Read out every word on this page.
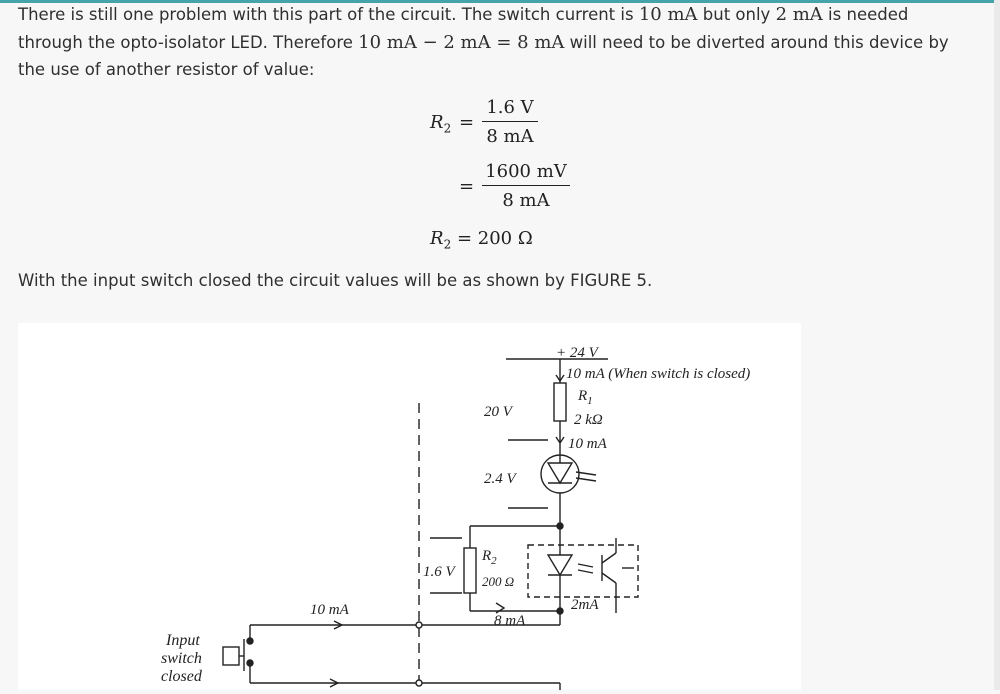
There is still one problem with this part of the circuit. The switch current is 10 mA but only 2 mA is needed through the opto-isolator LED. Therefore 10 mA − 2 mA = 8 mA will need to be diverted around this device by the use of another resistor of value:
$R_2$ =
1.6 V
8 mA
=
1600 mV
8 mA
$R_2 = 200$ Ω
With the input switch closed the circuit values will be as shown by FIGURE 5.
+ 24 V
10 mA (When switch is closed)
$R_1$
2 kΩ
20 V
10 mA
2.4 V
1.6 V
$R_2$
200 Ω
2mA
8 mA
10 mA
Input
switch
closed
